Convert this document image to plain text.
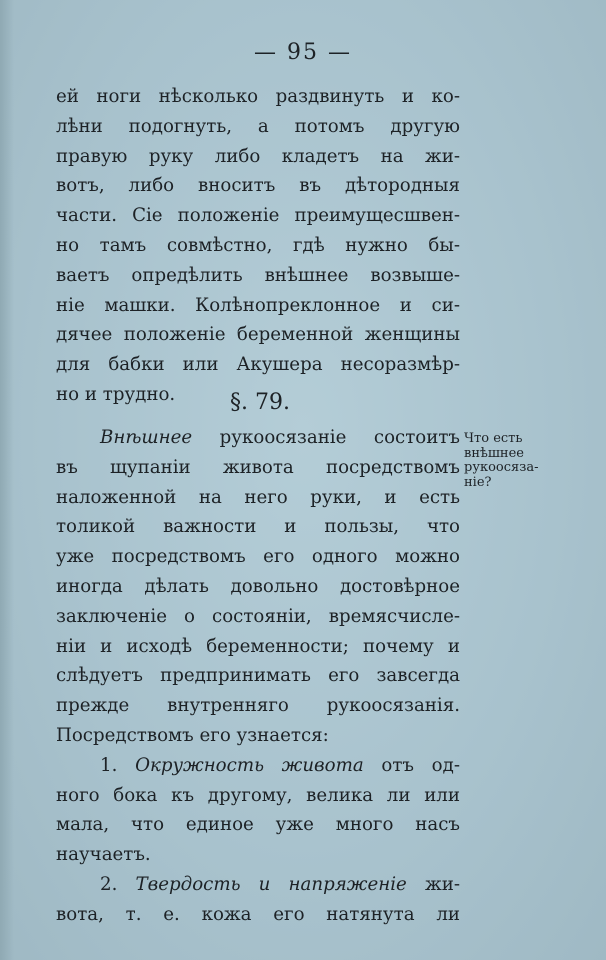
— 95 —
ей ноги нѣсколько раздвинуть и ко-
лѣни подогнуть, а потомъ другую
правую руку либо кладетъ на жи-
вотъ, либо вноситъ въ дѣтородныя
части. Сіе положеніе преимущесшвен-
но тамъ совмѣстно, гдѣ нужно бы-
ваетъ опредѣлить внѣшнее возвыше-
ніе машки. Колѣнопреклонное и си-
дячее положеніе беременной женщины
для бабки или Акушера несоразмѣр-
но и трудно.	§. 79.
Внѣшнее рукоосязаніе состоитъ
въ щупаніи живота посредствомъ
наложенной на него руки, и есть
толикой важности и пользы, что
уже посредствомъ его одного можно
иногда дѣлать довольно достовѣрное
заключеніе о состояніи, времясчисле-
ніи и исходѣ беременности; почему и
слѣдуетъ предпринимать его завсегда
прежде внутренняго рукоосязанія.
Посредствомъ его узнается:
1. Окружность живота отъ од-
ного бока къ другому, велика ли или
мала, что единое уже много насъ
научаетъ.
2. Твердость и напряженіе жи-
вота, т. е. кожа его натянута ли
Что есть
внѣшнее
рукоосяза-
ніе?
